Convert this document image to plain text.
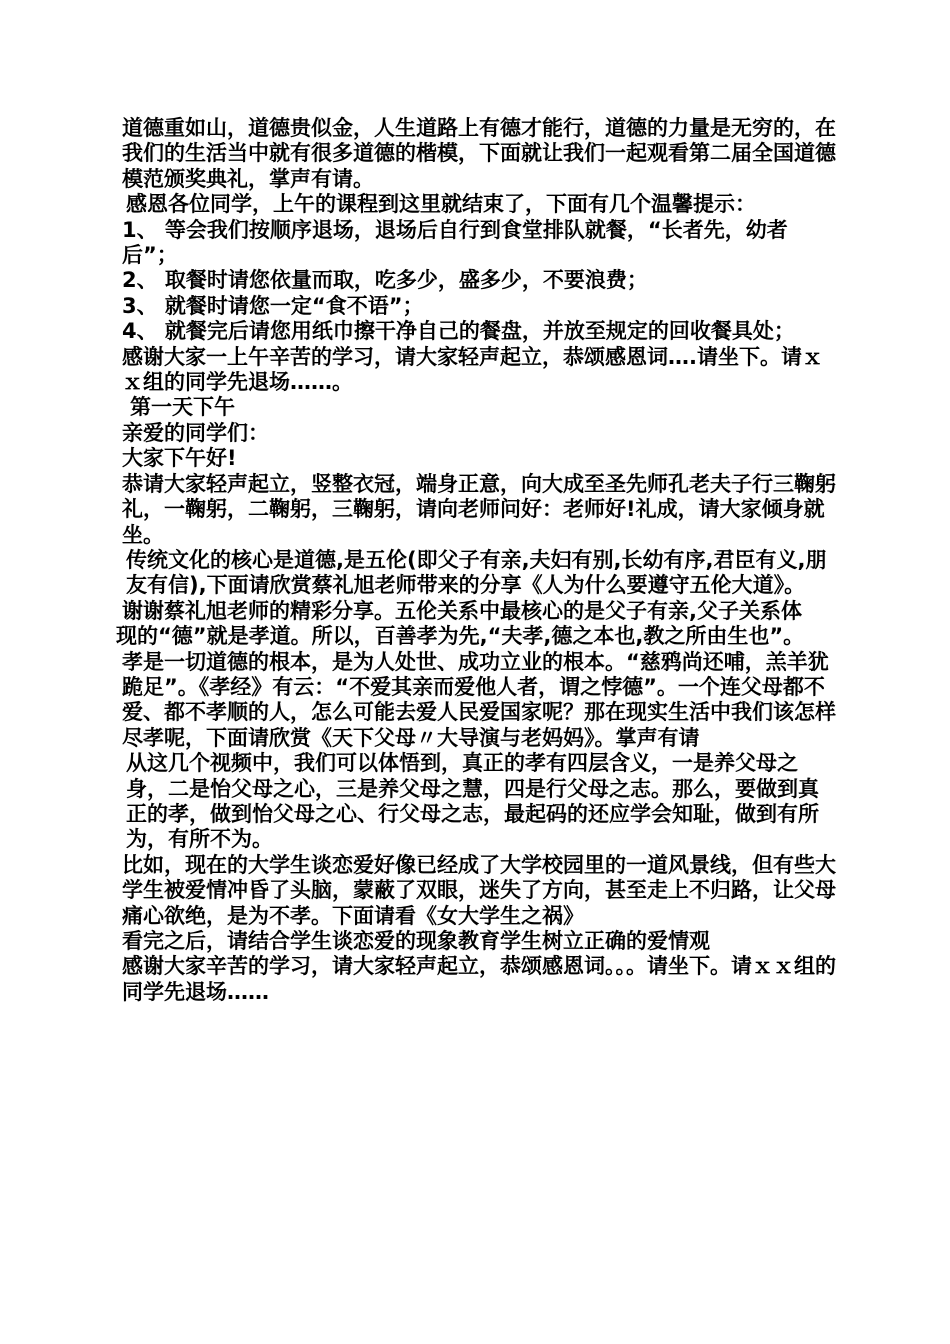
道德重如山，道德贵似金，人生道路上有德才能行，道德的力量是无穷的，在我们的生活当中就有很多道德的楷模，下面就让我们一起观看第二届全国道德模范颁奖典礼，掌声有请。

感恩各位同学，上午的课程到这里就结束了，下面有几个温馨提示：

1、 等会我们按顺序退场，退场后自行到食堂排队就餐，“长者先，幼者后”；

2、 取餐时请您依量而取，吃多少，盛多少，不要浪费；

3、 就餐时请您一定“食不语”；

4、 就餐完后请您用纸巾擦干净自己的餐盘，并放至规定的回收餐具处；

感谢大家一上午辛苦的学习，请大家轻声起立，恭颂感恩词….请坐下。请ｘｘ组的同学先退场……。

第一天下午

亲爱的同学们：

大家下午好!

恭请大家轻声起立，竖整衣冠，端身正意，向大成至圣先师孔老夫子行三鞠躬礼，一鞠躬，二鞠躬，三鞠躬，请向老师问好：老师好!礼成，请大家倾身就坐。

传统文化的核心是道德,是五伦(即父子有亲,夫妇有别,长幼有序,君臣有义,朋友有信),下面请欣赏蔡礼旭老师带来的分享《人为什么要遵守五伦大道》。

谢谢蔡礼旭老师的精彩分享。五伦关系中最核心的是父子有亲,父子关系体

现的“德”就是孝道。所以，百善孝为先,“夫孝,德之本也,教之所由生也”。

孝是一切道德的根本，是为人处世、成功立业的根本。“慈鸦尚还哺，羔羊犹跪足”。《孝经》有云：“不爱其亲而爱他人者，谓之悖德”。一个连父母都不爱、都不孝顺的人，怎么可能去爱人民爱国家呢？那在现实生活中我们该怎样尽孝呢，下面请欣赏《天下父母〃大导演与老妈妈》。掌声有请

从这几个视频中，我们可以体悟到，真正的孝有四层含义，一是养父母之身，二是怡父母之心，三是养父母之慧，四是行父母之志。那么，要做到真正的孝，做到怡父母之心、行父母之志，最起码的还应学会知耻，做到有所为，有所不为。

比如，现在的大学生谈恋爱好像已经成了大学校园里的一道风景线，但有些大学生被爱情冲昏了头脑，蒙蔽了双眼，迷失了方向，甚至走上不归路，让父母痛心欲绝，是为不孝。下面请看《女大学生之祸》

看完之后，请结合学生谈恋爱的现象教育学生树立正确的爱情观

感谢大家辛苦的学习，请大家轻声起立，恭颂感恩词。。。请坐下。请ｘｘ组的同学先退场……
